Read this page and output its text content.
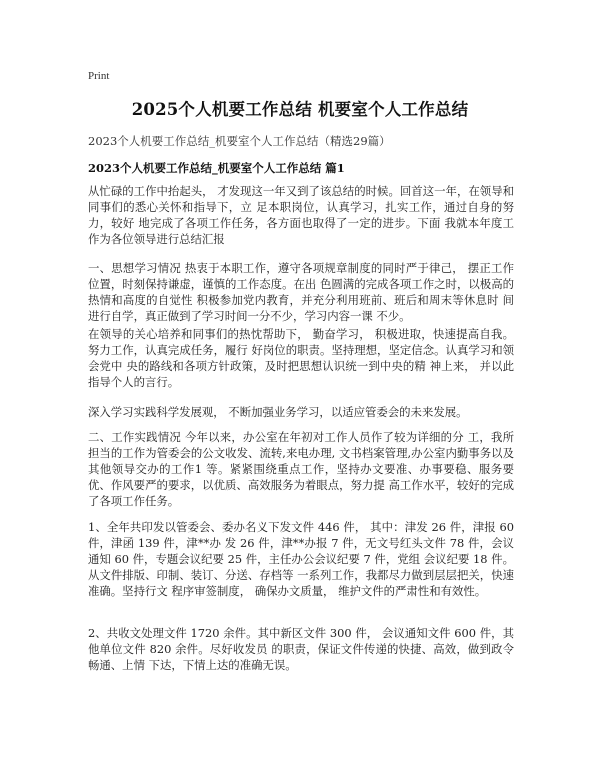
Print
2025个人机要工作总结 机要室个人工作总结
2023个人机要工作总结_机要室个人工作总结（精选29篇）
2023个人机要工作总结_机要室个人工作总结 篇1

从忙碌的工作中抬起头， 才发现这一年又到了该总结的时候。回首这一年，在领导和同事们的悉心关怀和指导下，立 足本职岗位，认真学习，扎实工作，通过自身的努力，较好 地完成了各项工作任务，各方面也取得了一定的进步。下面 我就本年度工作为各位领导进行总结汇报

一、思想学习情况 热衷于本职工作，遵守各项规章制度的同时严于律己， 摆正工作位置，时刻保持谦虚，谨慎的工作态度。在出 色圆满的完成各项工作之时，以极高的热情和高度的自觉性 积极参加党内教育，并充分利用班前、班后和周末等休息时 间进行自学，真正做到了学习时间一分不少，学习内容一课 不少。

在领导的关心培养和同事们的热忱帮助下， 勤奋学习， 积极进取，快速提高自我。努力工作，认真完成任务，履行 好岗位的职责。坚持理想，坚定信念。认真学习和领会党中 央的路线和各项方针政策，及时把思想认识统一到中央的精 神上来， 并以此指导个人的言行。

深入学习实践科学发展观， 不断加强业务学习，以适应管委会的未来发展。

二、工作实践情况 今年以来，办公室在年初对工作人员作了较为详细的分 工，我所担当的工作为管委会的公文收发、流转,来电办理, 文书档案管理,办公室内勤事务以及其他领导交办的工作1 等。紧紧围绕重点工作，坚持办文要准、办事要稳、服务要 优、作风要严的要求，以优质、高效服务为着眼点，努力提 高工作水平，较好的完成了各项工作任务。

1、全年共印发以管委会、委办名义下发文件 446 件， 其中：津发 26 件，津报 60 件，津函 139 件，津**办 发 26 件，津**办报 7 件，无文号红头文件 78 件，会议通知 60 件，专题会议纪要 25 件，主任办公会议纪要 7 件，党组 会议纪要 18 件。从文件排版、印制、装订、分送、存档等 一系列工作，我都尽力做到层层把关，快速准确。坚持行文 程序审签制度， 确保办文质量， 维护文件的严肃性和有效性。

2、共收文处理文件 1720 余件。其中新区文件 300 件， 会议通知文件 600 件，其他单位文件 820 余件。尽好收发员 的职责，保证文件传递的快捷、高效，做到政令畅通、上情 下达，下情上达的准确无误。
